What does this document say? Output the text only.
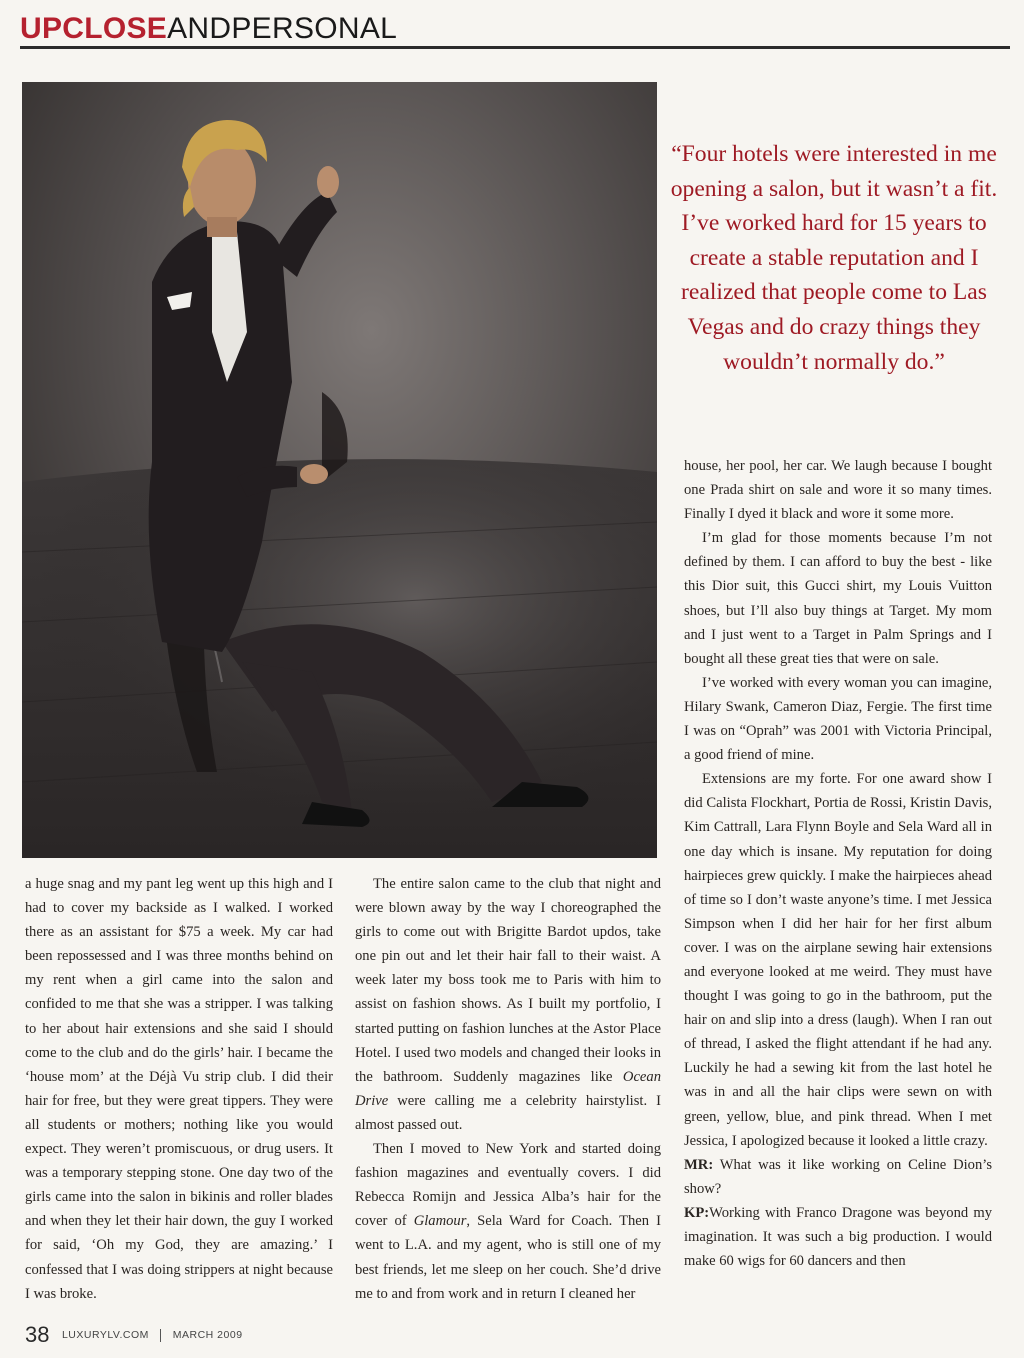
UPCLOSEANDPERSONAL

“Four hotels were interested in me opening a salon, but it wasn’t a fit. I’ve worked hard for 15 years to create a stable reputation and I realized that people come to Las Vegas and do crazy things they wouldn’t normally do.”

a huge snag and my pant leg went up this high and I had to cover my backside as I walked. I worked there as an assistant for $75 a week. My car had been repossessed and I was three months behind on my rent when a girl came into the salon and confided to me that she was a stripper. I was talking to her about hair extensions and she said I should come to the club and do the girls’ hair. I became the ‘house mom’ at the Déjà Vu strip club. I did their hair for free, but they were great tippers. They were all students or mothers; nothing like you would expect. They weren’t promiscuous, or drug users. It was a temporary stepping stone. One day two of the girls came into the salon in bikinis and roller blades and when they let their hair down, the guy I worked for said, ‘Oh my God, they are amazing.’ I confessed that I was doing strippers at night because I was broke.

The entire salon came to the club that night and were blown away by the way I choreographed the girls to come out with Brigitte Bardot updos, take one pin out and let their hair fall to their waist. A week later my boss took me to Paris with him to assist on fashion shows. As I built my portfolio, I started putting on fashion lunches at the Astor Place Hotel. I used two models and changed their looks in the bathroom. Suddenly magazines like Ocean Drive were calling me a celebrity hairstylist. I almost passed out.

Then I moved to New York and started doing fashion magazines and eventually covers. I did Rebecca Romijn and Jessica Alba’s hair for the cover of Glamour, Sela Ward for Coach. Then I went to L.A. and my agent, who is still one of my best friends, let me sleep on her couch. She’d drive me to and from work and in return I cleaned her

house, her pool, her car. We laugh because I bought one Prada shirt on sale and wore it so many times. Finally I dyed it black and wore it some more.

I’m glad for those moments because I’m not defined by them. I can afford to buy the best - like this Dior suit, this Gucci shirt, my Louis Vuitton shoes, but I’ll also buy things at Target. My mom and I just went to a Target in Palm Springs and I bought all these great ties that were on sale.

I’ve worked with every woman you can imagine, Hilary Swank, Cameron Diaz, Fergie. The first time I was on “Oprah” was 2001 with Victoria Principal, a good friend of mine.

Extensions are my forte. For one award show I did Calista Flockhart, Portia de Rossi, Kristin Davis, Kim Cattrall, Lara Flynn Boyle and Sela Ward all in one day which is insane. My reputation for doing hairpieces grew quickly. I make the hairpieces ahead of time so I don’t waste anyone’s time. I met Jessica Simpson when I did her hair for her first album cover. I was on the airplane sewing hair extensions and everyone looked at me weird. They must have thought I was going to go in the bathroom, put the hair on and slip into a dress (laugh). When I ran out of thread, I asked the flight attendant if he had any. Luckily he had a sewing kit from the last hotel he was in and all the hair clips were sewn on with green, yellow, blue, and pink thread. When I met Jessica, I apologized because it looked a little crazy.

MR: What was it like working on Celine Dion’s show?

KP:Working with Franco Dragone was beyond my imagination. It was such a big production. I would make 60 wigs for 60 dancers and then

38 LUXURYLV.COM MARCH 2009
